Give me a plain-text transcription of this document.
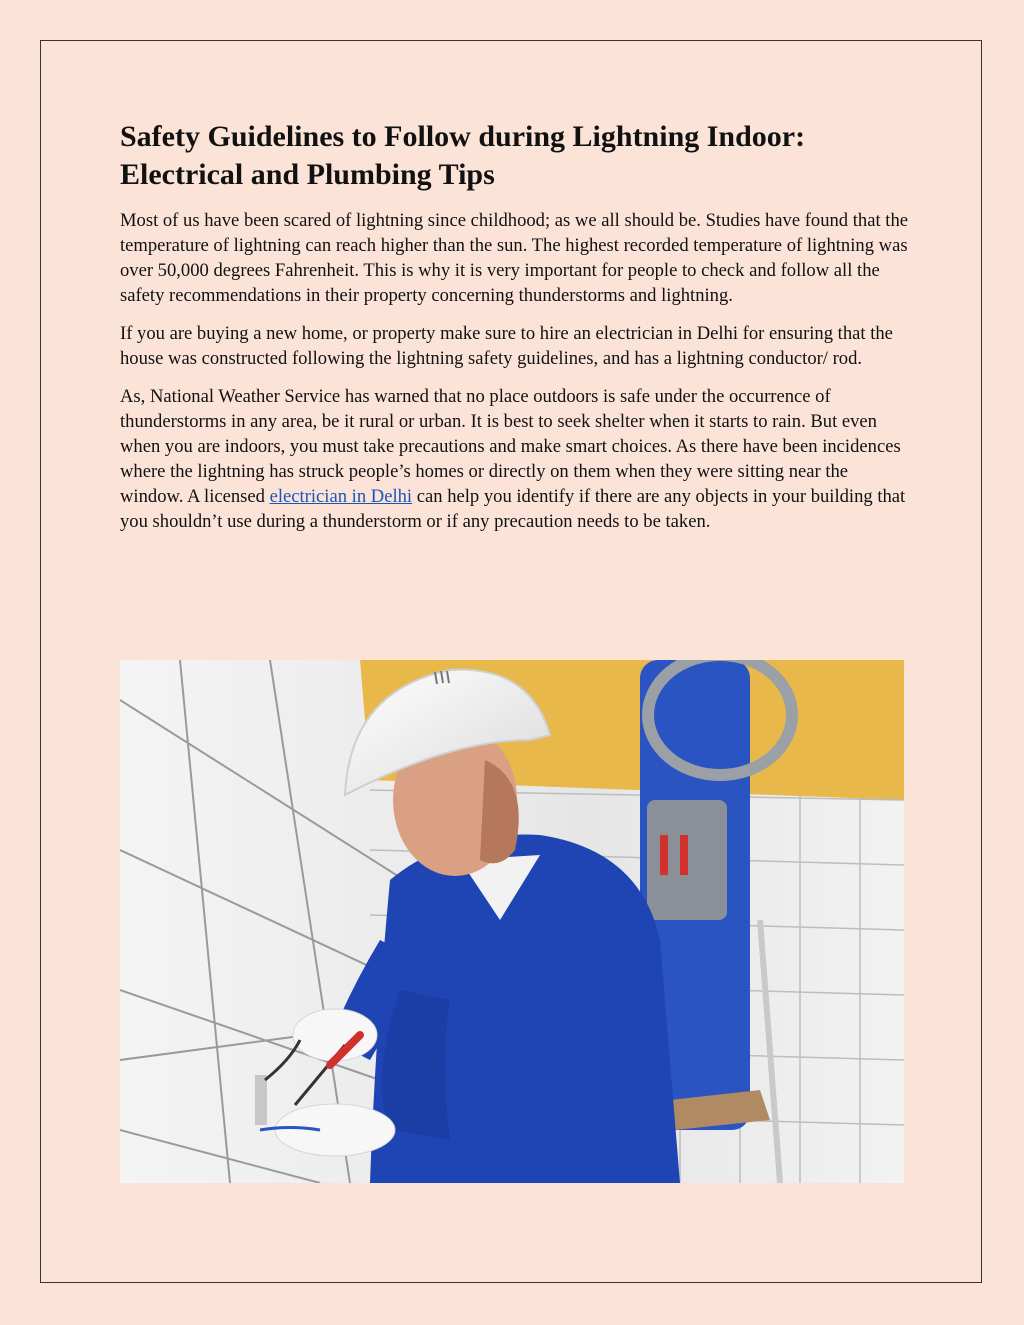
Safety Guidelines to Follow during Lightning Indoor: Electrical and Plumbing Tips

Most of us have been scared of lightning since childhood; as we all should be. Studies have found that the temperature of lightning can reach higher than the sun. The highest recorded temperature of lightning was over 50,000 degrees Fahrenheit. This is why it is very important for people to check and follow all the safety recommendations in their property concerning thunderstorms and lightning.

If you are buying a new home, or property make sure to hire an electrician in Delhi for ensuring that the house was constructed following the lightning safety guidelines, and has a lightning conductor/ rod.

As, National Weather Service has warned that no place outdoors is safe under the occurrence of thunderstorms in any area, be it rural or urban. It is best to seek shelter when it starts to rain. But even when you are indoors, you must take precautions and make smart choices. As there have been incidences where the lightning has struck people’s homes or directly on them when they were sitting near the window. A licensed electrician in Delhi can help you identify if there are any objects in your building that you shouldn’t use during a thunderstorm or if any precaution needs to be taken.
